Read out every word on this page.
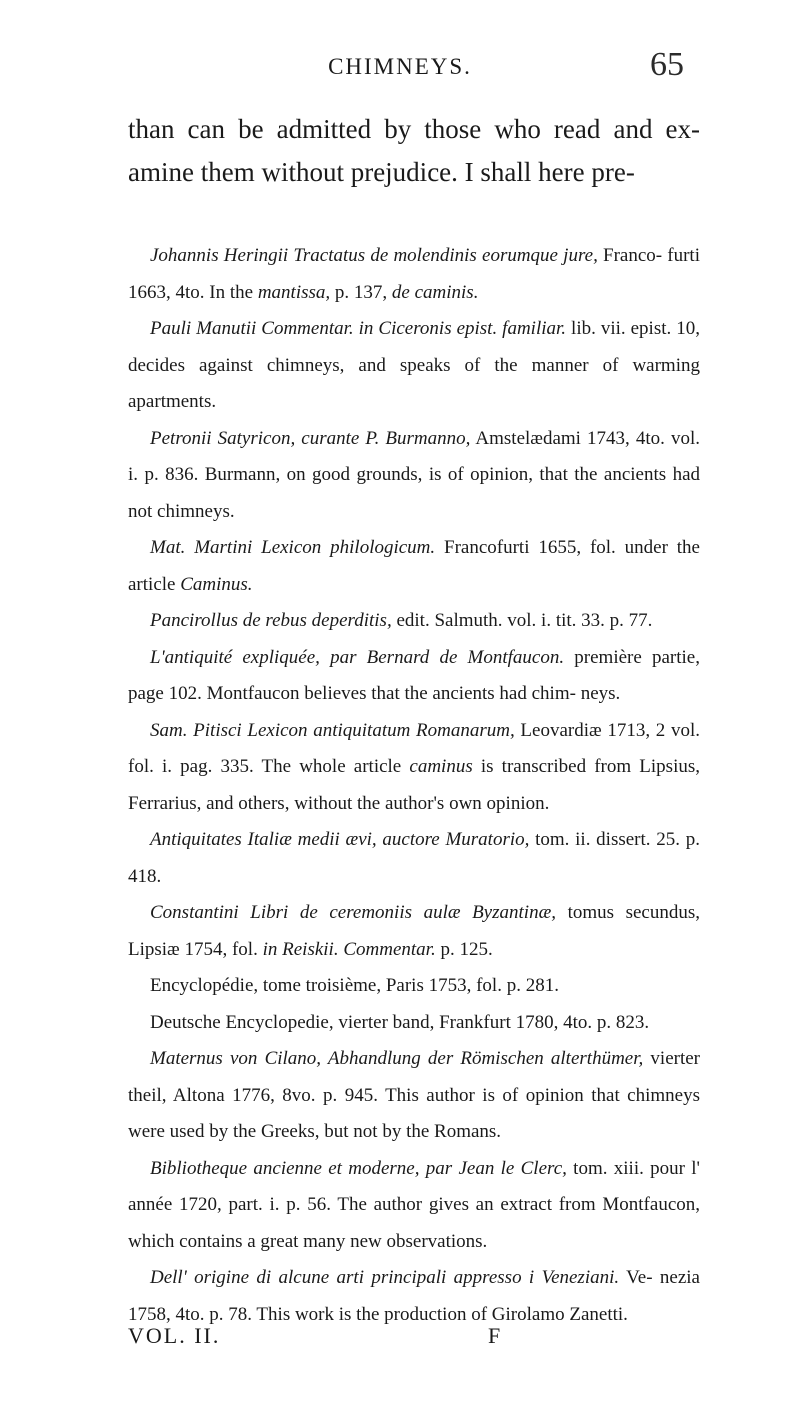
CHIMNEYS.	65

than can be admitted by those who read and ex- amine them without prejudice. I shall here pre-

Johannis Heringii Tractatus de molendinis eorumque jure, Franco- furti 1663, 4to. In the mantissa, p. 137, de caminis.

Pauli Manutii Commentar. in Ciceronis epist. familiar. lib. vii. epist. 10, decides against chimneys, and speaks of the manner of warming apartments.

Petronii Satyricon, curante P. Burmanno, Amstelædami 1743, 4to. vol. i. p. 836. Burmann, on good grounds, is of opinion, that the ancients had not chimneys.

Mat. Martini Lexicon philologicum. Francofurti 1655, fol. under the article Caminus.

Pancirollus de rebus deperditis, edit. Salmuth. vol. i. tit. 33. p. 77.

L'antiquité expliquée, par Bernard de Montfaucon. première partie, page 102. Montfaucon believes that the ancients had chim- neys.

Sam. Pitisci Lexicon antiquitatum Romanarum, Leovardiæ 1713, 2 vol. fol. i. pag. 335. The whole article caminus is transcribed from Lipsius, Ferrarius, and others, without the author's own opinion.

Antiquitates Italiæ medii ævi, auctore Muratorio, tom. ii. dissert. 25. p. 418.

Constantini Libri de ceremoniis aulæ Byzantinæ, tomus secundus, Lipsiæ 1754, fol. in Reiskii. Commentar. p. 125.

Encyclopédie, tome troisième, Paris 1753, fol. p. 281.

Deutsche Encyclopedie, vierter band, Frankfurt 1780, 4to. p. 823.

Maternus von Cilano, Abhandlung der Römischen alterthümer, vierter theil, Altona 1776, 8vo. p. 945. This author is of opinion that chimneys were used by the Greeks, but not by the Romans.

Bibliotheque ancienne et moderne, par Jean le Clerc, tom. xiii. pour l' année 1720, part. i. p. 56. The author gives an extract from Montfaucon, which contains a great many new observations.

Dell' origine di alcune arti principali appresso i Veneziani. Ve- nezia 1758, 4to. p. 78. This work is the production of Girolamo Zanetti.

VOL. II.	F
